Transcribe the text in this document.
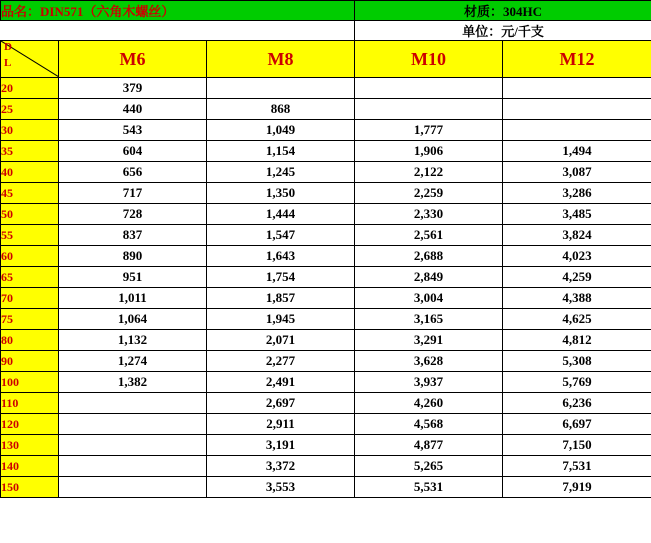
品名：DIN571（六角木螺丝）			材质：304HC	
			单位：元/千支	

D
L	M6	M8	M10	M12
20	379			
25	440	868		
30	543	1,049	1,777	
35	604	1,154	1,906	1,494
40	656	1,245	2,122	3,087
45	717	1,350	2,259	3,286
50	728	1,444	2,330	3,485
55	837	1,547	2,561	3,824
60	890	1,643	2,688	4,023
65	951	1,754	2,849	4,259
70	1,011	1,857	3,004	4,388
75	1,064	1,945	3,165	4,625
80	1,132	2,071	3,291	4,812
90	1,274	2,277	3,628	5,308
100	1,382	2,491	3,937	5,769
110		2,697	4,260	6,236
120		2,911	4,568	6,697
130		3,191	4,877	7,150
140		3,372	5,265	7,531
150		3,553	5,531	7,919
